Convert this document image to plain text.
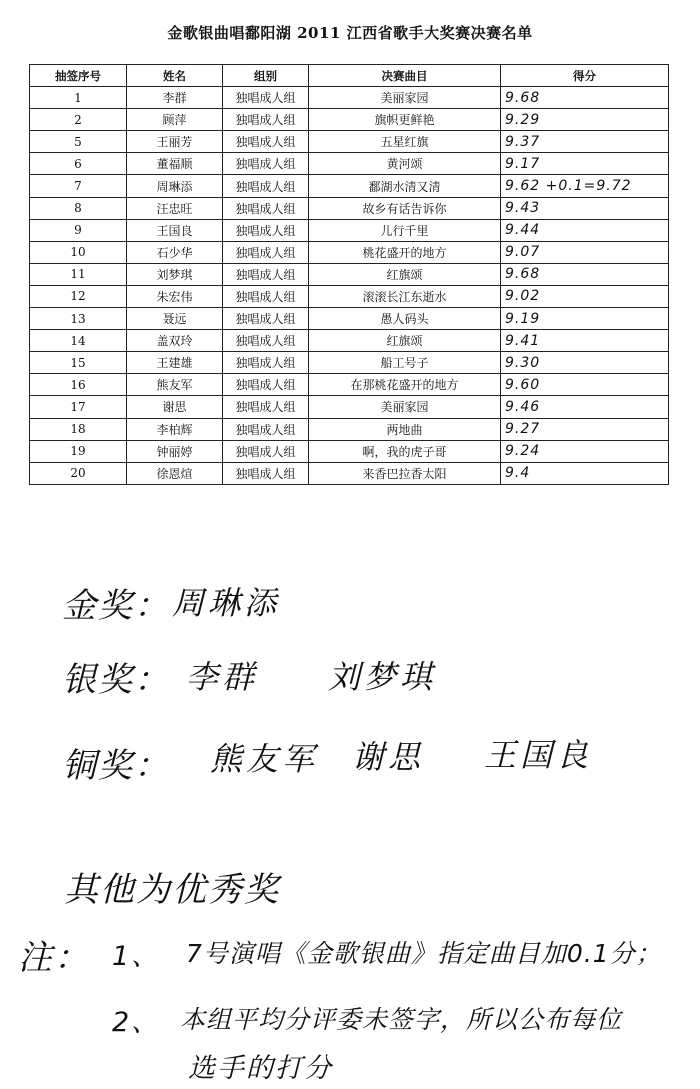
金歌银曲唱鄱阳湖 2011 江西省歌手大奖赛决赛名单
抽签序号	姓名	组别	决赛曲目	得分
1	李群	独唱成人组	美丽家园	9.68
2	顾萍	独唱成人组	旗帜更鲜艳	9.29
5	王丽芳	独唱成人组	五星红旗	9.37
6	董福顺	独唱成人组	黄河颂	9.17
7	周琳添	独唱成人组	鄱湖水清又清	9.62 +0.1=9.72
8	汪忠旺	独唱成人组	故乡有话告诉你	9.43
9	王国良	独唱成人组	儿行千里	9.44
10	石少华	独唱成人组	桃花盛开的地方	9.07
11	刘梦琪	独唱成人组	红旗颂	9.68
12	朱宏伟	独唱成人组	滚滚长江东逝水	9.02
13	聂远	独唱成人组	愚人码头	9.19
14	盖双玲	独唱成人组	红旗颂	9.41
15	王建雄	独唱成人组	船工号子	9.30
16	熊友军	独唱成人组	在那桃花盛开的地方	9.60
17	谢思	独唱成人组	美丽家园	9.46
18	李柏辉	独唱成人组	两地曲	9.27
19	钟丽婷	独唱成人组	啊，我的虎子哥	9.24
20	徐恩煊	独唱成人组	来香巴拉香太阳	9.4
金奖： 周琳添
银奖： 李群 刘梦琪
铜奖： 熊友军 谢思 王国良
其他为优秀奖
注： 1、 7号演唱《金歌银曲》指定曲目加0.1分；
2、 本组平均分评委未签字，所以公布每位
选手的打分
